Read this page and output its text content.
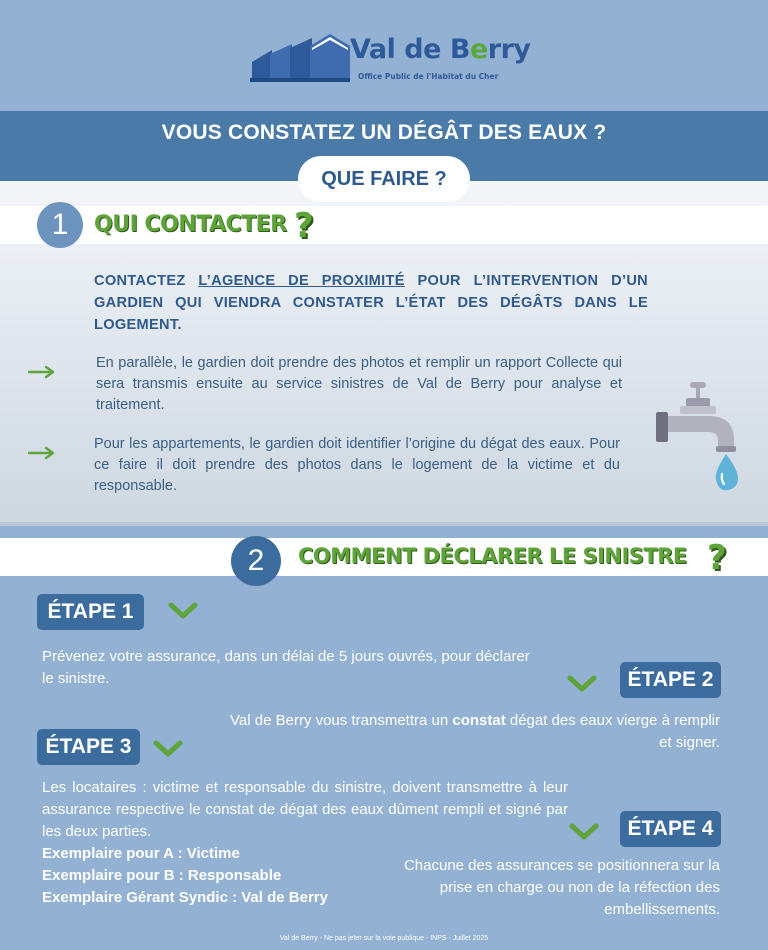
Val de Berry
Office Public de l'Habitat du Cher
VOUS CONSTATEZ UN DÉGÂT DES EAUX ?
QUE FAIRE ?
1	QUI CONTACTER ?
CONTACTEZ L’AGENCE DE PROXIMITÉ POUR L’INTERVENTION D’UN GARDIEN QUI VIENDRA CONSTATER L’ÉTAT DES DÉGÂTS DANS LE LOGEMENT.
En parallèle, le gardien doit prendre des photos et remplir un rapport Collecte qui sera transmis ensuite au service sinistres de Val de Berry pour analyse et traitement.
Pour les appartements, le gardien doit identifier l’origine du dégat des eaux. Pour ce faire il doit prendre des photos dans le logement de la victime et du responsable.
2	COMMENT DÉCLARER LE SINISTRE ?
ÉTAPE 1
Prévenez votre assurance, dans un délai de 5 jours ouvrés, pour déclarer le sinistre.	ÉTAPE 2
Val de Berry vous transmettra un constat dégat des eaux vierge à remplir et signer.
ÉTAPE 3
Les locataires : victime et responsable du sinistre, doivent transmettre à leur assurance respective le constat de dégat des eaux dûment rempli et signé par les deux parties.
Exemplaire pour A : Victime
Exemplaire pour B : Responsable
Exemplaire Gérant Syndic : Val de Berry
ÉTAPE 4
Chacune des assurances se positionnera sur la prise en charge ou non de la réfection des embellissements.
Val de Berry - Ne pas jeter sur la voie publique - INPS - Juillet 2025
